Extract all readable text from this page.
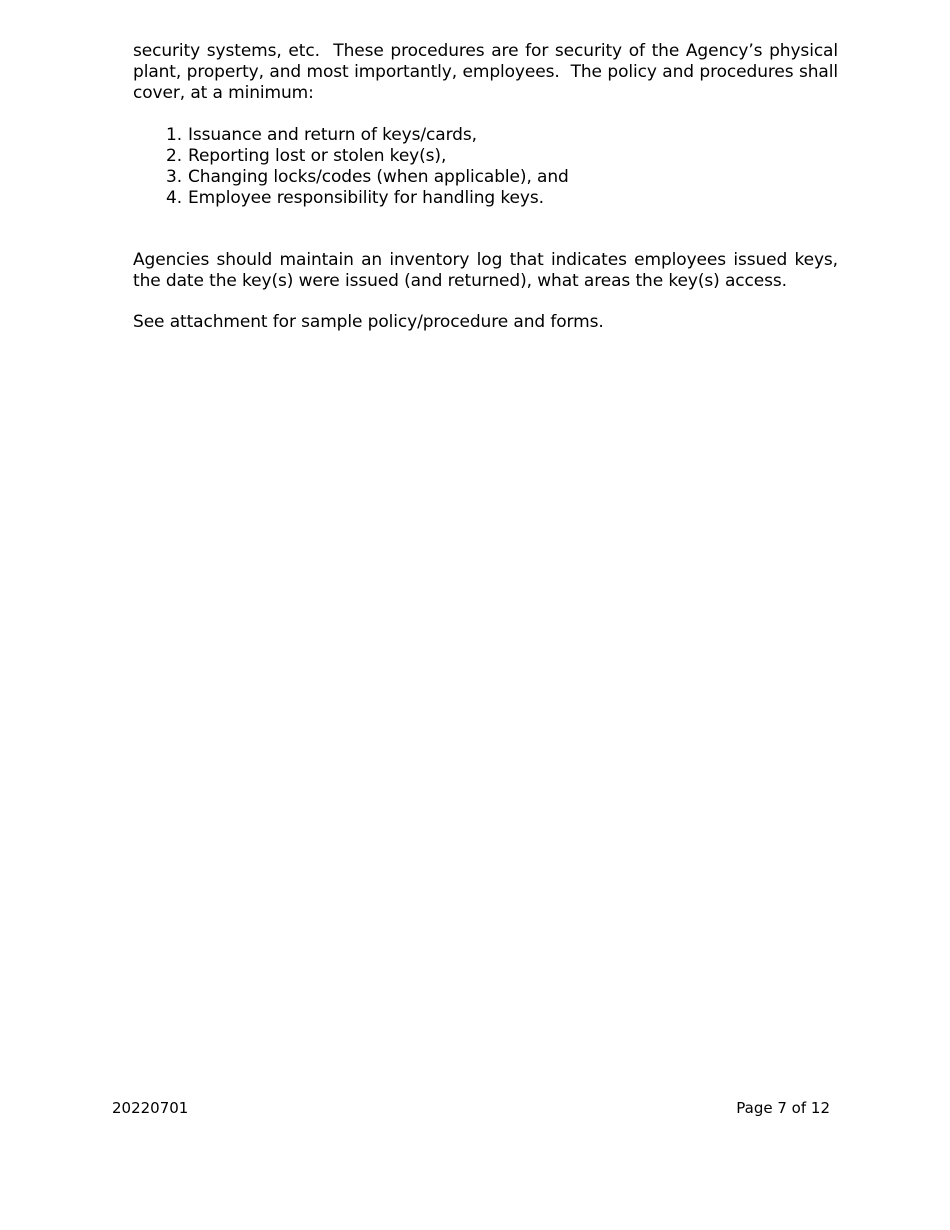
security systems, etc.  These procedures are for security of the Agency’s physical plant, property, and most importantly, employees.  The policy and procedures shall cover, at a minimum:

1. Issuance and return of keys/cards,
2. Reporting lost or stolen key(s),
3. Changing locks/codes (when applicable), and
4. Employee responsibility for handling keys.

Agencies should maintain an inventory log that indicates employees issued keys, the date the key(s) were issued (and returned), what areas the key(s) access.

See attachment for sample policy/procedure and forms.

20220701	Page 7 of 12
